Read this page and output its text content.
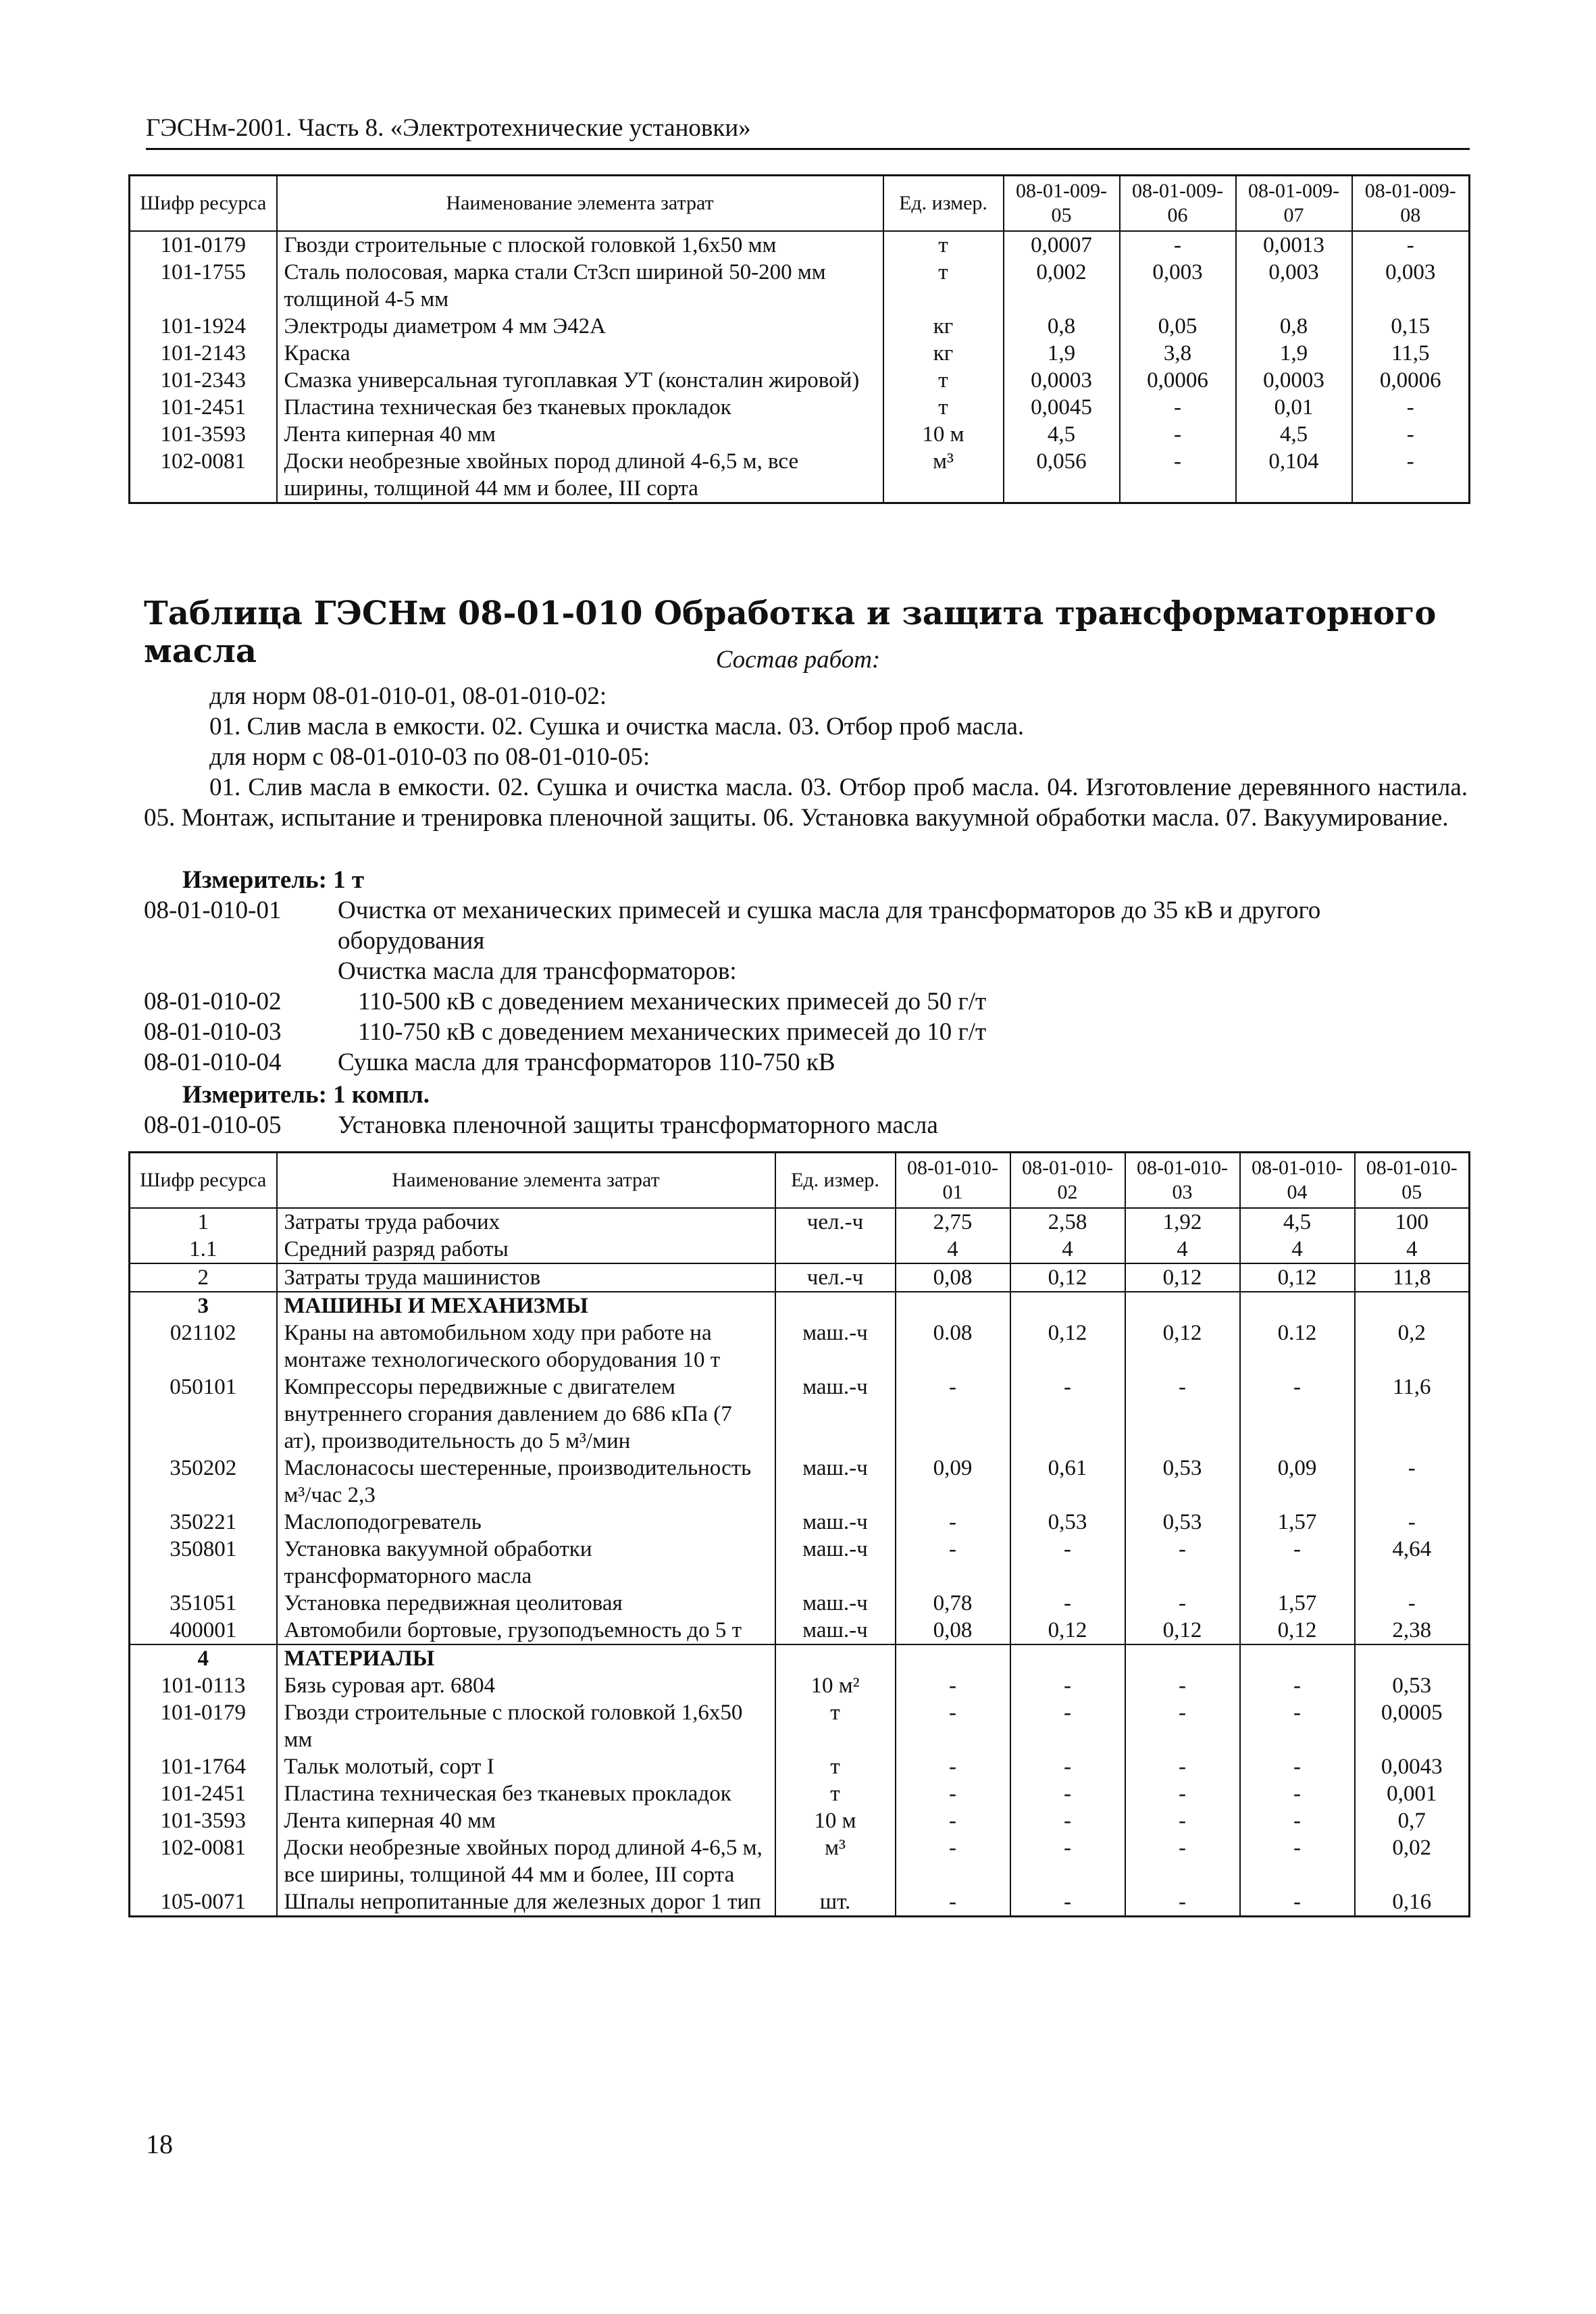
ГЭСНм-2001. Часть 8. «Электротехнические установки»
Шифр ресурса	Наименование элемента затрат	Ед. измер.	08-01-009-05	08-01-009-06	08-01-009-07	08-01-009-08
101-0179	Гвозди строительные с плоской головкой 1,6х50 мм	т	0,0007	-	0,0013	-
101-1755	Сталь полосовая, марка стали Ст3сп шириной 50-200 мм толщиной 4-5 мм	т	0,002	0,003	0,003	0,003
101-1924	Электроды диаметром 4 мм Э42А	кг	0,8	0,05	0,8	0,15
101-2143	Краска	кг	1,9	3,8	1,9	11,5
101-2343	Смазка универсальная тугоплавкая УТ (консталин жировой)	т	0,0003	0,0006	0,0003	0,0006
101-2451	Пластина техническая без тканевых прокладок	т	0,0045	-	0,01	-
101-3593	Лента киперная 40 мм	10 м	4,5	-	4,5	-
102-0081	Доски необрезные хвойных пород длиной 4-6,5 м, все ширины, толщиной 44 мм и более, III сорта	м³	0,056	-	0,104	-
Таблица ГЭСНм 08-01-010 Обработка и защита трансформаторного масла	Состав работ:
для норм 08-01-010-01, 08-01-010-02:
01. Слив масла в емкости. 02. Сушка и очистка масла. 03. Отбор проб масла.
для норм с 08-01-010-03 по 08-01-010-05:
01. Слив масла в емкости. 02. Сушка и очистка масла. 03. Отбор проб масла. 04. Изготовление деревянного настила. 05. Монтаж, испытание и тренировка пленочной защиты. 06. Установка вакуумной обработки масла. 07. Вакуумирование.
Измеритель: 1 т
08-01-010-01 Очистка от механических примесей и сушка масла для трансформаторов до 35 кВ и другого оборудования
Очистка масла для трансформаторов:
08-01-010-02	110-500 кВ с доведением механических примесей до 50 г/т
08-01-010-03	110-750 кВ с доведением механических примесей до 10 г/т
08-01-010-04 Сушка масла для трансформаторов 110-750 кВ
Измеритель: 1 компл.
08-01-010-05 Установка пленочной защиты трансформаторного масла
Шифр ресурса	Наименование элемента затрат	Ед. измер.	08-01-010-01	08-01-010-02	08-01-010-03	08-01-010-04	08-01-010-05
1	Затраты труда рабочих	чел.-ч	2,75	2,58	1,92	4,5	100
1.1	Средний разряд работы		4	4	4	4	4
2	Затраты труда машинистов	чел.-ч	0,08	0,12	0,12	0,12	11,8
3	МАШИНЫ И МЕХАНИЗМЫ						
021102	Краны на автомобильном ходу при работе на монтаже технологического оборудования 10 т	маш.-ч	0.08	0,12	0,12	0.12	0,2
050101	Компрессоры передвижные с двигателем внутреннего сгорания давлением до 686 кПа (7 ат), производительность до 5 м³/мин	маш.-ч	-	-	-	-	11,6
350202	Маслонасосы шестеренные, производительность м³/час 2,3	маш.-ч	0,09	0,61	0,53	0,09	-
350221	Маслоподогреватель	маш.-ч	-	0,53	0,53	1,57	-
350801	Установка вакуумной обработки трансформаторного масла	маш.-ч	-	-	-	-	4,64
351051	Установка передвижная цеолитовая	маш.-ч	0,78	-	-	1,57	-
400001	Автомобили бортовые, грузоподъемность до 5 т	маш.-ч	0,08	0,12	0,12	0,12	2,38
4	МАТЕРИАЛЫ						
101-0113	Бязь суровая арт. 6804	10 м²	-	-	-	-	0,53
101-0179	Гвозди строительные с плоской головкой 1,6х50 мм	т	-	-	-	-	0,0005
101-1764	Тальк молотый, сорт I	т	-	-	-	-	0,0043
101-2451	Пластина техническая без тканевых прокладок	т	-	-	-	-	0,001
101-3593	Лента киперная 40 мм	10 м	-	-	-	-	0,7
102-0081	Доски необрезные хвойных пород длиной 4-6,5 м, все ширины, толщиной 44 мм и более, III сорта	м³	-	-	-	-	0,02
105-0071	Шпалы непропитанные для железных дорог 1 тип	шт.	-	-	-	-	0,16
18
